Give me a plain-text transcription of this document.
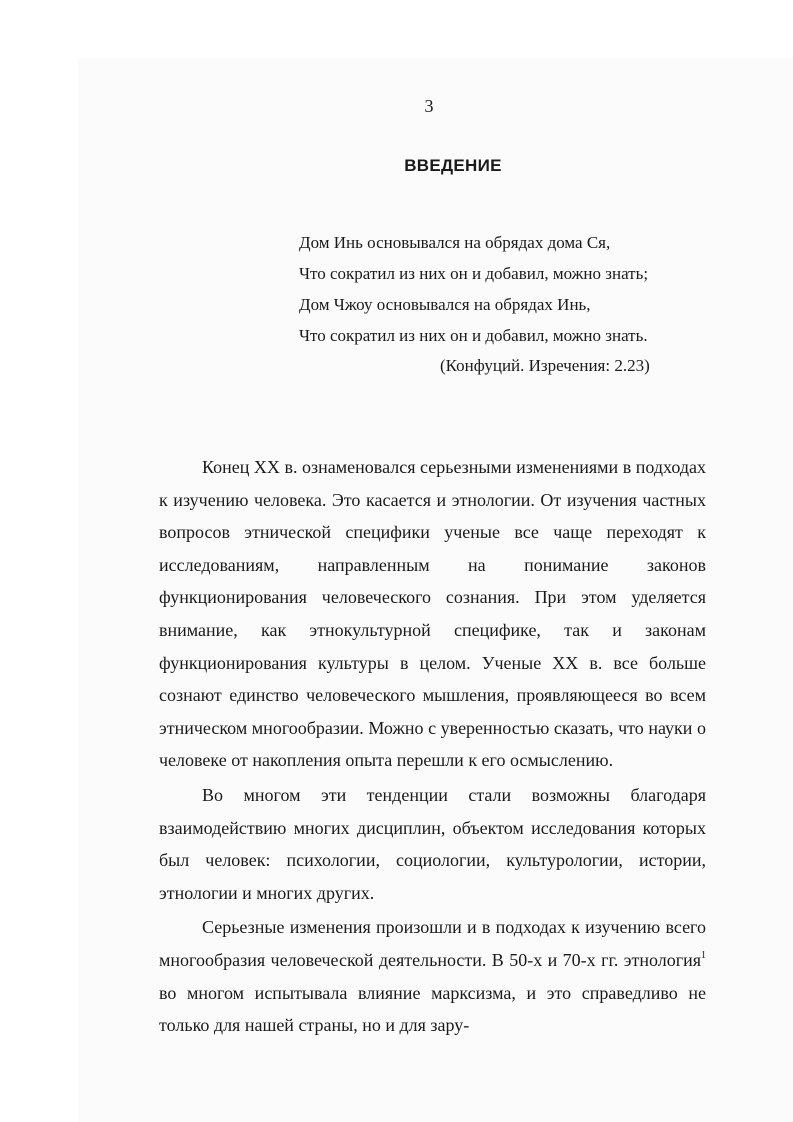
3
ВВЕДЕНИЕ
Дом Инь основывался на обрядах дома Ся,
Что сократил из них он и добавил, можно знать;
Дом Чжоу основывался на обрядах Инь,
Что сократил из них он и добавил, можно знать.
(Конфуций. Изречения: 2.23)

Конец XX в. ознаменовался серьезными изменениями в подходах к изучению человека. Это касается и этнологии. От изучения частных вопросов этнической специфики ученые все чаще переходят к исследованиям, направленным на понимание законов функционирования человеческого сознания. При этом уделяется внимание, как этнокультурной специфике, так и законам функционирования культуры в целом. Ученые XX в. все больше сознают единство человеческого мышления, проявляющееся во всем этническом многообразии. Можно с уверенностью сказать, что науки о человеке от накопления опыта перешли к его осмыслению.

Во многом эти тенденции стали возможны благодаря взаимодействию многих дисциплин, объектом исследования которых был человек: психологии, социологии, культурологии, истории, этнологии и многих других.

Серьезные изменения произошли и в подходах к изучению всего многообразия человеческой деятельности. В 50-х и 70-х гг. этнология$^1$ во многом испытывала влияние марксизма, и это справедливо не только для нашей страны, но и для зару-
